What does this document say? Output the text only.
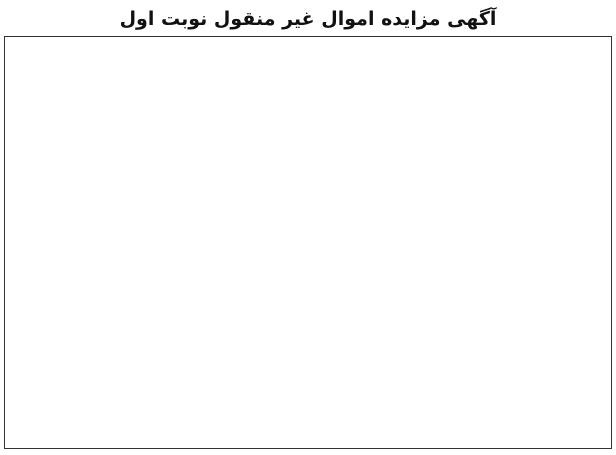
آگهی مزایده اموال غیر منقول نوبت اول
